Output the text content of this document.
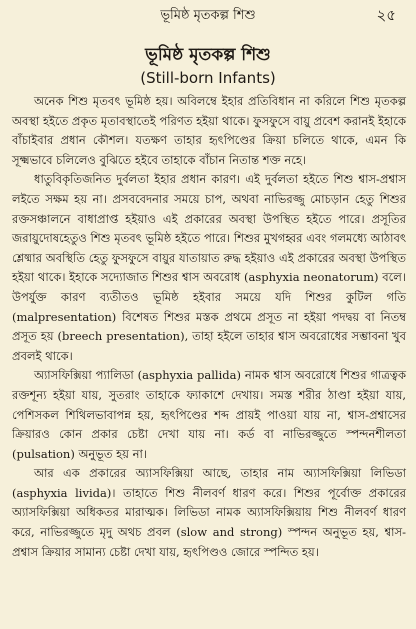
ভূমিষ্ঠ মৃতকল্প শিশু	২৫
ভূমিষ্ঠ মৃতকল্প শিশু
(Still-born Infants)

অনেক শিশু মৃতবৎ ভূমিষ্ঠ হয়। অবিলম্বে ইহার প্রতিবিধান না করিলে শিশু মৃতকল্প অবস্থা হইতে প্রকৃত মৃতাবস্থাতেই পরিণত হইয়া থাকে। ফুসফুসে বায়ু প্রবেশ করানই ইহাকে বাঁচাইবার প্রধান কৌশল। যতক্ষণ তাহার হৃৎপিণ্ডের ক্রিয়া চলিতে থাকে, এমন কি সূক্ষ্মভাবে চলিলেও বুঝিতে হইবে তাহাকে বাঁচান নিতান্ত শক্ত নহে।

ধাতুবিকৃতিজনিত দুর্বলতা ইহার প্রধান কারণ। এই দুর্বলতা হইতে শিশু শ্বাস-প্রশ্বাস লইতে সক্ষম হয় না। প্রসববেদনার সময়ে চাপ, অথবা নাভিরজ্জু মোচড়ান হেতু শিশুর রক্তসঞ্চালনে বাধাপ্রাপ্ত হইয়াও এই প্রকারের অবস্থা উপস্থিত হইতে পারে। প্রসূতির জরায়ুদোষহেতুও শিশু মৃতবৎ ভূমিষ্ঠ হইতে পারে। শিশুর মুখগহ্বর এবং গলমধ্যে আঠাবৎ শ্লেষ্মার অবস্থিতি হেতু ফুসফুসে বায়ুর যাতায়াত রুদ্ধ হইয়াও এই প্রকারের অবস্থা উপস্থিত হইয়া থাকে। ইহাকে সদ্যোজাত শিশুর শ্বাস অবরোধ (asphyxia neonatorum) বলে। উপর্যুক্ত কারণ ব্যতীতও ভূমিষ্ঠ হইবার সময়ে যদি শিশুর কুটিল গতি (malpresentation) বিশেষত শিশুর মস্তক প্রথমে প্রসূত না হইয়া পদদ্বয় বা নিতম্ব প্রসূত হয় (breech presentation), তাহা হইলে তাহার শ্বাস অবরোধের সম্ভাবনা খুব প্রবলই থাকে।

অ্যাসফিক্সিয়া প্যালিডা (asphyxia pallida) নামক শ্বাস অবরোধে শিশুর গাত্রত্বক রক্তশূন্য হইয়া যায়, সুতরাং তাহাকে ফ্যাকাশে দেখায়। সমস্ত শরীর ঠাণ্ডা হইয়া যায়, পেশিসকল শিথিলভাবাপন্ন হয়, হৃৎপিণ্ডের শব্দ প্রায়ই পাওয়া যায় না, শ্বাস-প্রশ্বাসের ক্রিয়ারও কোন প্রকার চেষ্টা দেখা যায় না। কর্ড বা নাভিরজ্জুতে স্পন্দনশীলতা (pulsation) অনুভূত হয় না।

আর এক প্রকারের অ্যাসফিক্সিয়া আছে, তাহার নাম অ্যাসফিক্সিয়া লিভিডা (asphyxia livida)। তাহাতে শিশু নীলবর্ণ ধারণ করে। শিশুর পূর্বোক্ত প্রকারের অ্যাসফিক্সিয়া অধিকতর মারাত্মক। লিভিডা নামক অ্যাসফিক্সিয়ায় শিশু নীলবর্ণ ধারণ করে, নাভিরজ্জুতে মৃদু অথচ প্রবল (slow and strong) স্পন্দন অনুভূত হয়, শ্বাস-প্রশ্বাস ক্রিয়ার সামান্য চেষ্টা দেখা যায়, হৃৎপিণ্ডও জোরে স্পন্দিত হয়।
